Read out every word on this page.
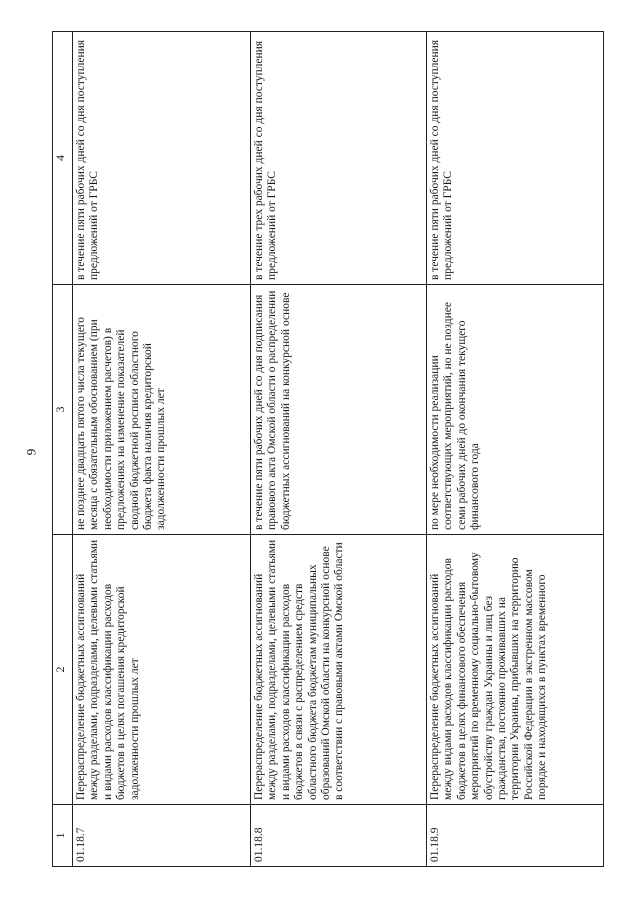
9
1	2	3	4
01.18.7	Перераспределение бюджетных ассигнований между разделами, подразделами, целевыми статьями и видами расходов классификации расходов бюджетов в целях погашения кредиторской задолженности прошлых лет	не позднее двадцать пятого числа текущего месяца с обязательным обоснованием (при необходимости приложением расчетов) в предложениях на изменение показателей сводной бюджетной росписи областного бюджета факта наличия кредиторской задолженности прошлых лет	в течение пяти рабочих дней со дня поступления предложений от ГРБС
01.18.8	Перераспределение бюджетных ассигнований между разделами, подразделами, целевыми статьями и видами расходов классификации расходов бюджетов в связи с распределением средств областного бюджета бюджетам муниципальных образований Омской области на конкурсной основе в соответствии с правовыми актами Омской области	в течение пяти рабочих дней со дня подписания правового акта Омской области о распределении бюджетных ассигнований на конкурсной основе	в течение трех рабочих дней со дня поступления предложений от ГРБС
01.18.9	Перераспределение бюджетных ассигнований между видами расходов классификации расходов бюджетов в целях финансового обеспечения мероприятий по временному социально-бытовому обустройству граждан Украины и лиц без гражданства, постоянно проживавших на территории Украины, прибывших на территорию Российской Федерации в экстренном массовом порядке и находящихся в пунктах временного	по мере необходимости реализации соответствующих мероприятий, но не позднее семи рабочих дней до окончания текущего финансового года	в течение пяти рабочих дней со дня поступления предложений от ГРБС
